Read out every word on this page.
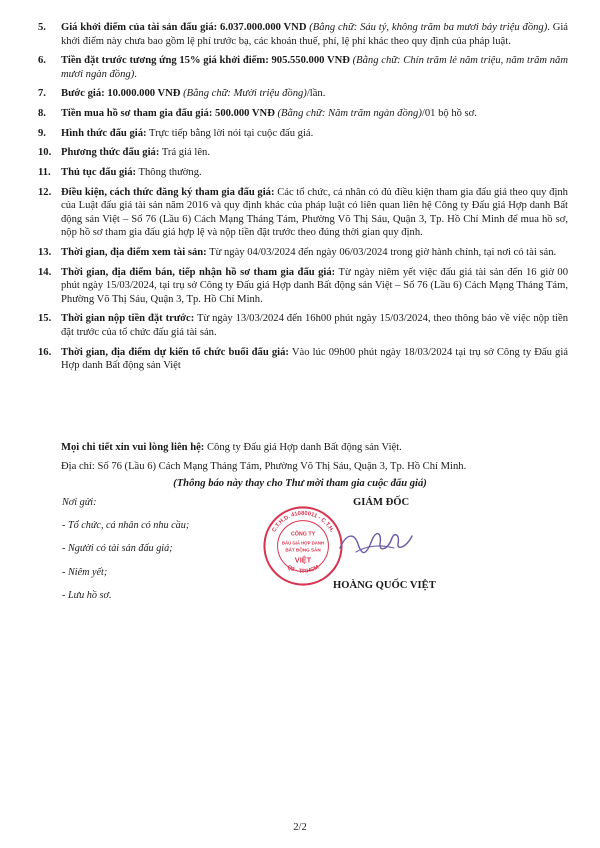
5.	Giá khởi điểm của tài sản đấu giá: 6.037.000.000 VND (Bằng chữ: Sáu tỷ, không trăm ba mươi bảy triệu đồng). Giá khởi điểm này chưa bao gồm lệ phí trước bạ, các khoản thuế, phí, lệ phí khác theo quy định của pháp luật.
6.	Tiền đặt trước tương ứng 15% giá khởi điểm: 905.550.000 VNĐ (Bằng chữ: Chín trăm lẻ năm triệu, năm trăm năm mươi ngàn đồng).
7.	Bước giá: 10.000.000 VNĐ (Bằng chữ: Mười triệu đồng)/lần.
8.	Tiền mua hồ sơ tham gia đấu giá: 500.000 VNĐ (Bằng chữ: Năm trăm ngàn đồng)/01 bộ hồ sơ.
9.	Hình thức đấu giá: Trực tiếp bằng lời nói tại cuộc đấu giá.
10. Phương thức đấu giá: Trả giá lên.
11. Thủ tục đấu giá: Thông thường.
12. Điều kiện, cách thức đăng ký tham gia đấu giá: Các tổ chức, cá nhân có đủ điều kiện tham gia đấu giá theo quy định của Luật đấu giá tài sản năm 2016 và quy định khác của pháp luật có liên quan liên hệ Công ty Đấu giá Hợp danh Bất động sản Việt – Số 76 (Lầu 6) Cách Mạng Tháng Tám, Phường Võ Thị Sáu, Quận 3, Tp. Hồ Chí Minh để mua hồ sơ, nộp hồ sơ tham gia đấu giá hợp lệ và nộp tiền đặt trước theo đúng thời gian quy định.
13. Thời gian, địa điểm xem tài sản: Từ ngày 04/03/2024 đến ngày 06/03/2024 trong giờ hành chính, tại nơi có tài sản.
14. Thời gian, địa điểm bán, tiếp nhận hồ sơ tham gia đấu giá: Từ ngày niêm yết việc đấu giá tài sản đến 16 giờ 00 phút ngày 15/03/2024, tại trụ sở Công ty Đấu giá Hợp danh Bất động sản Việt – Số 76 (Lầu 6) Cách Mạng Tháng Tám, Phường Võ Thị Sáu, Quận 3, Tp. Hồ Chí Minh.
15. Thời gian nộp tiền đặt trước: Từ ngày 13/03/2024 đến 16h00 phút ngày 15/03/2024, theo thông báo về việc nộp tiền đặt trước của tổ chức đấu giá tài sản.
16. Thời gian, địa điểm dự kiến tổ chức buổi đấu giá: Vào lúc 09h00 phút ngày 18/03/2024 tại trụ sở Công ty Đấu giá Hợp danh Bất động sản Việt
Mọi chi tiết xin vui lòng liên hệ: Công ty Đấu giá Hợp danh Bất động sản Việt.
Địa chỉ: Số 76 (Lầu 6) Cách Mạng Tháng Tám, Phường Võ Thị Sáu, Quận 3, Tp. Hồ Chí Minh.
(Thông báo này thay cho Thư mời tham gia cuộc đấu giá)
Nơi gửi:
- Tổ chức, cá nhân có nhu cầu;
- Người có tài sản đấu giá;
- Niêm yết;
- Lưu hồ sơ.
C.T.H.D. 41080011 - C.T.H.
Q3 - TP.HCM
CÔNG TY
ĐẤU GIÁ HỢP DANH
BẤT ĐỘNG SẢN
VIỆT
GIÁM ĐỐC
HOÀNG QUỐC VIỆT
2/2
